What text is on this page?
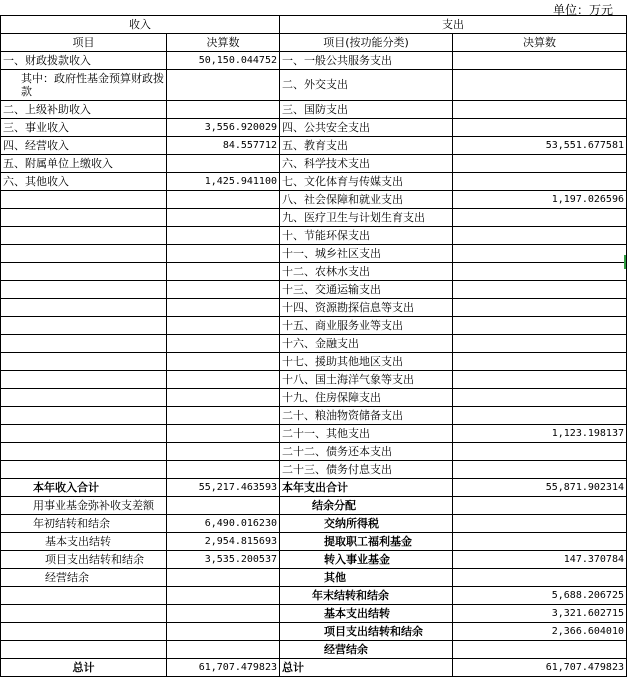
单位：万元
收入		支出	
项目	决算数	项目(按功能分类)	决算数
一、财政拨款收入	50,150.044752	一、一般公共服务支出	
其中：政府性基金预算财政拨款		二、外交支出	
二、上级补助收入		三、国防支出	
三、事业收入	3,556.920029	四、公共安全支出	
四、经营收入	84.557712	五、教育支出	53,551.677581
五、附属单位上缴收入		六、科学技术支出	
六、其他收入	1,425.941100	七、文化体育与传媒支出	
		八、社会保障和就业支出	1,197.026596
		九、医疗卫生与计划生育支出	
		十、节能环保支出	
		十一、城乡社区支出	
		十二、农林水支出	
		十三、交通运输支出	
		十四、资源勘探信息等支出	
		十五、商业服务业等支出	
		十六、金融支出	
		十七、援助其他地区支出	
		十八、国土海洋气象等支出	
		十九、住房保障支出	
		二十、粮油物资储备支出	
		二十一、其他支出	1,123.198137
		二十二、债务还本支出	
		二十三、债务付息支出	
本年收入合计	55,217.463593	本年支出合计	55,871.902314
用事业基金弥补收支差额		结余分配	
年初结转和结余	6,490.016230	交纳所得税	
基本支出结转	2,954.815693	提取职工福利基金	
项目支出结转和结余	3,535.200537	转入事业基金	147.370784
经营结余		其他	
		年末结转和结余	5,688.206725
		基本支出结转	3,321.602715
		项目支出结转和结余	2,366.604010
		经营结余	
总计	61,707.479823	总计	61,707.479823
